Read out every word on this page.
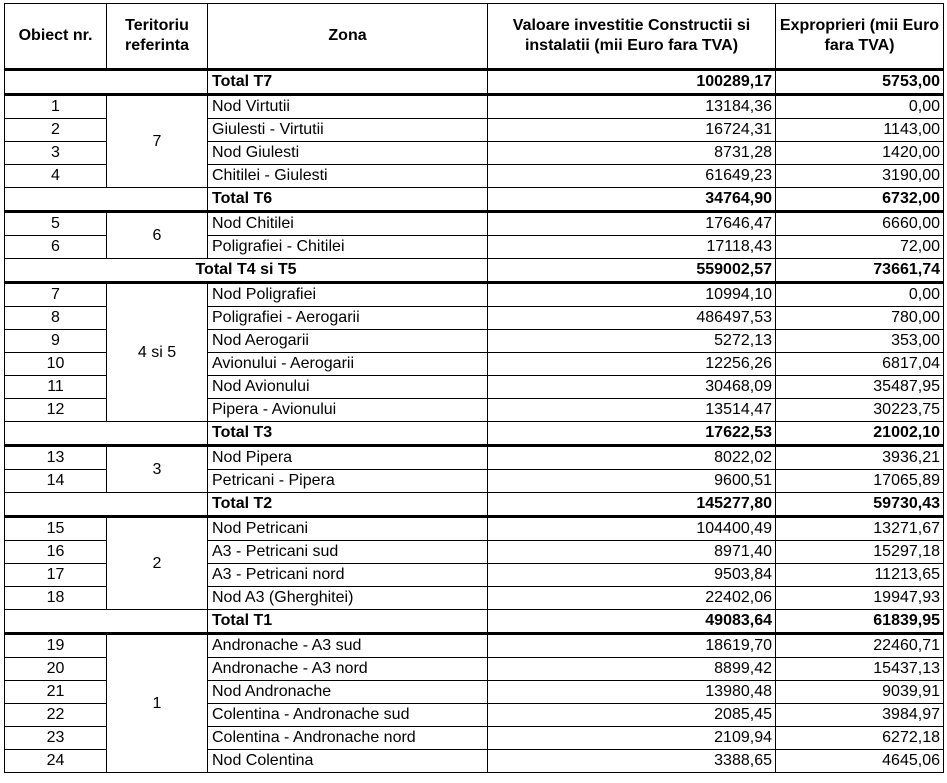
Obiect nr.	Teritoriu referinta	Zona	Valoare investitie Constructii si instalatii (mii Euro fara TVA)	Exproprieri (mii Euro fara TVA)
		Total T7	100289,17	5753,00
1	7	Nod Virtutii	13184,36	0,00
2		Giulesti - Virtutii	16724,31	1143,00
3		Nod Giulesti	8731,28	1420,00
4		Chitilei - Giulesti	61649,23	3190,00
		Total T6	34764,90	6732,00
5	6	Nod Chitilei	17646,47	6660,00
6		Poligrafiei - Chitilei	17118,43	72,00
Total T4 si T5			559002,57	73661,74
7	4 si 5	Nod Poligrafiei	10994,10	0,00
8		Poligrafiei - Aerogarii	486497,53	780,00
9		Nod Aerogarii	5272,13	353,00
10		Avionului - Aerogarii	12256,26	6817,04
11		Nod Avionului	30468,09	35487,95
12		Pipera - Avionului	13514,47	30223,75
		Total T3	17622,53	21002,10
13	3	Nod Pipera	8022,02	3936,21
14		Petricani - Pipera	9600,51	17065,89
		Total T2	145277,80	59730,43
15	2	Nod Petricani	104400,49	13271,67
16		A3 - Petricani sud	8971,40	15297,18
17		A3 - Petricani nord	9503,84	11213,65
18		Nod A3 (Gherghitei)	22402,06	19947,93
		Total T1	49083,64	61839,95
19	1	Andronache - A3 sud	18619,70	22460,71
20		Andronache - A3 nord	8899,42	15437,13
21		Nod Andronache	13980,48	9039,91
22		Colentina - Andronache sud	2085,45	3984,97
23		Colentina - Andronache nord	2109,94	6272,18
24		Nod Colentina	3388,65	4645,06
